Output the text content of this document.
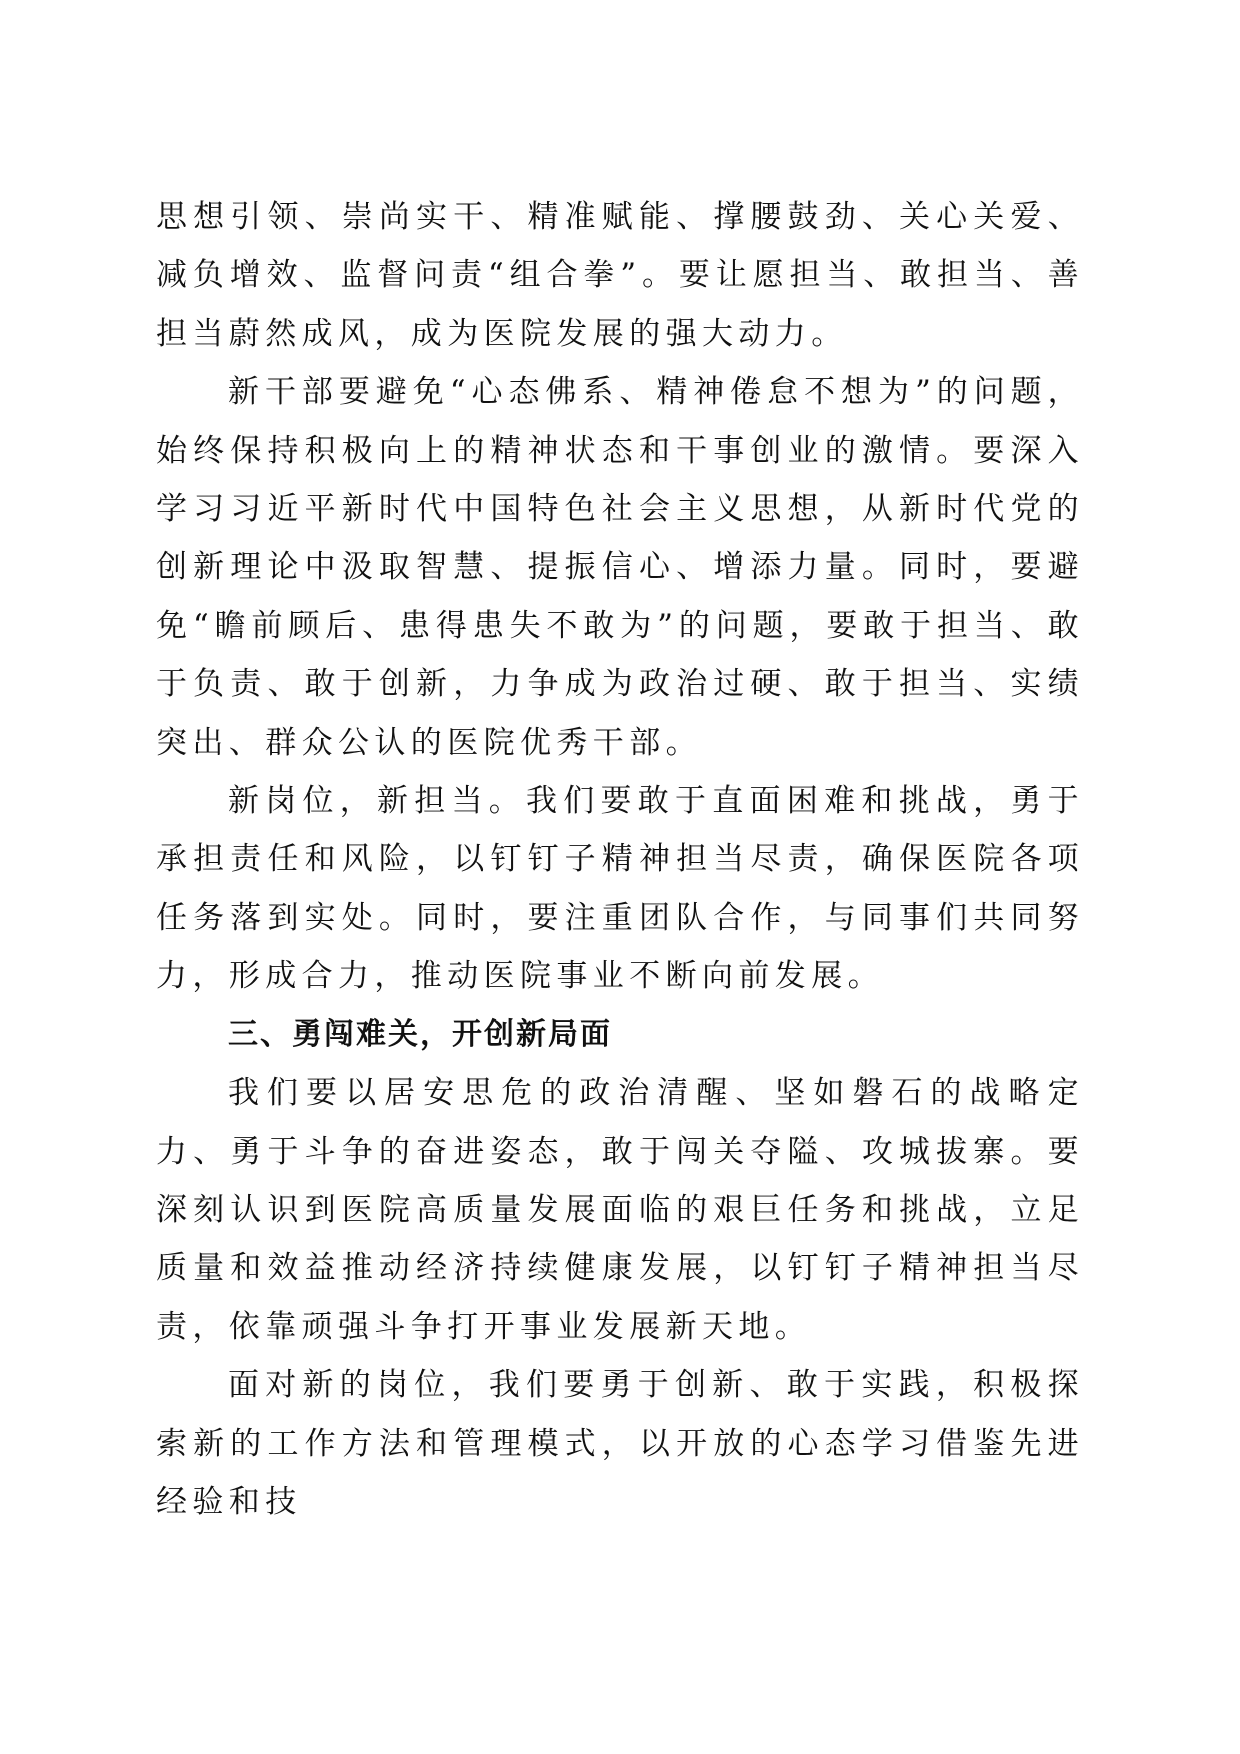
思想引领、崇尚实干、精准赋能、撑腰鼓劲、关心关爱、减负增效、监督问责“组合拳”。要让愿担当、敢担当、善担当蔚然成风，成为医院发展的强大动力。

新干部要避免“心态佛系、精神倦怠不想为”的问题，始终保持积极向上的精神状态和干事创业的激情。要深入学习习近平新时代中国特色社会主义思想，从新时代党的创新理论中汲取智慧、提振信心、增添力量。同时，要避免“瞻前顾后、患得患失不敢为”的问题，要敢于担当、敢于负责、敢于创新，力争成为政治过硬、敢于担当、实绩突出、群众公认的医院优秀干部。

新岗位，新担当。我们要敢于直面困难和挑战，勇于承担责任和风险，以钉钉子精神担当尽责，确保医院各项任务落到实处。同时，要注重团队合作，与同事们共同努力，形成合力，推动医院事业不断向前发展。

三、勇闯难关，开创新局面

我们要以居安思危的政治清醒、坚如磐石的战略定力、勇于斗争的奋进姿态，敢于闯关夺隘、攻城拔寨。要深刻认识到医院高质量发展面临的艰巨任务和挑战，立足质量和效益推动经济持续健康发展，以钉钉子精神担当尽责，依靠顽强斗争打开事业发展新天地。

面对新的岗位，我们要勇于创新、敢于实践，积极探索新的工作方法和管理模式，以开放的心态学习借鉴先进经验和技
